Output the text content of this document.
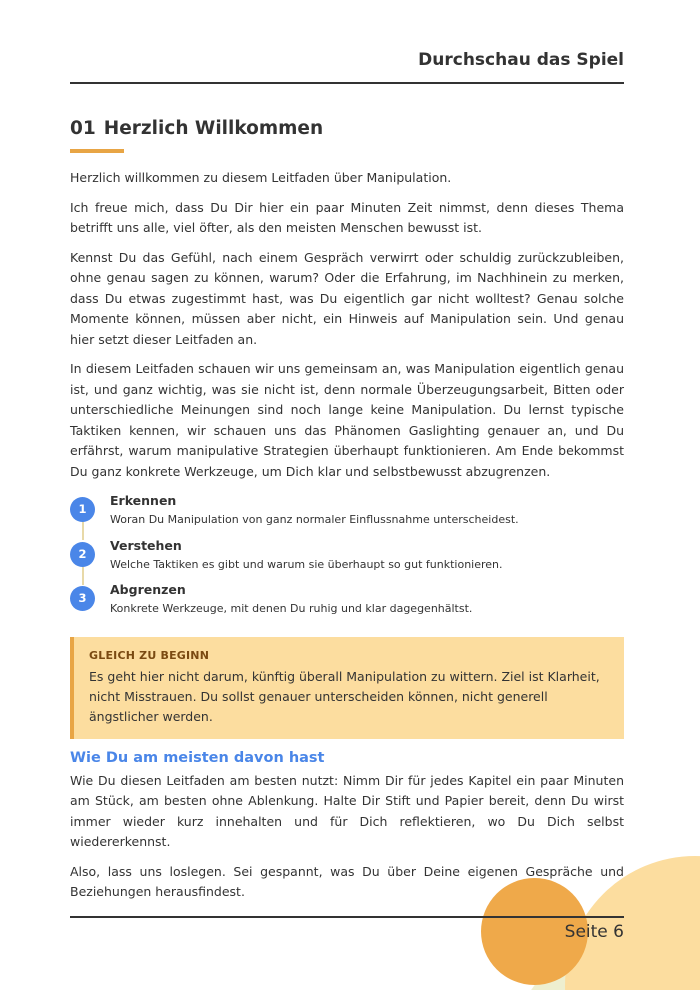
Durchschau das Spiel
01 Herzlich Willkommen

Herzlich willkommen zu diesem Leitfaden über Manipulation.

Ich freue mich, dass Du Dir hier ein paar Minuten Zeit nimmst, denn dieses Thema betrifft uns alle, viel öfter, als den meisten Menschen bewusst ist.

Kennst Du das Gefühl, nach einem Gespräch verwirrt oder schuldig zurückzubleiben, ohne genau sagen zu können, warum? Oder die Erfahrung, im Nachhinein zu merken, dass Du etwas zugestimmt hast, was Du eigentlich gar nicht wolltest? Genau solche Momente können, müssen aber nicht, ein Hinweis auf Manipulation sein. Und genau hier setzt dieser Leitfaden an.

In diesem Leitfaden schauen wir uns gemeinsam an, was Manipulation eigentlich genau ist, und ganz wichtig, was sie nicht ist, denn normale Überzeugungsarbeit, Bitten oder unterschiedliche Meinungen sind noch lange keine Manipulation. Du lernst typische Taktiken kennen, wir schauen uns das Phänomen Gaslighting genauer an, und Du erfährst, warum manipulative Strategien überhaupt funktionieren. Am Ende bekommst Du ganz konkrete Werkzeuge, um Dich klar und selbstbewusst abzugrenzen.

1
Erkennen
Woran Du Manipulation von ganz normaler Einflussnahme unterscheidest.
2
Verstehen
Welche Taktiken es gibt und warum sie überhaupt so gut funktionieren.
3
Abgrenzen
Konkrete Werkzeuge, mit denen Du ruhig und klar dagegenhältst.
GLEICH ZU BEGINN
Es geht hier nicht darum, künftig überall Manipulation zu wittern. Ziel ist Klarheit, nicht Misstrauen. Du sollst genauer unterscheiden können, nicht generell ängstlicher werden.
Wie Du am meisten davon hast

Wie Du diesen Leitfaden am besten nutzt: Nimm Dir für jedes Kapitel ein paar Minuten am Stück, am besten ohne Ablenkung. Halte Dir Stift und Papier bereit, denn Du wirst immer wieder kurz innehalten und für Dich reflektieren, wo Du Dich selbst wiedererkennst.

Also, lass uns loslegen. Sei gespannt, was Du über Deine eigenen Gespräche und Beziehungen herausfindest.

Seite 6
